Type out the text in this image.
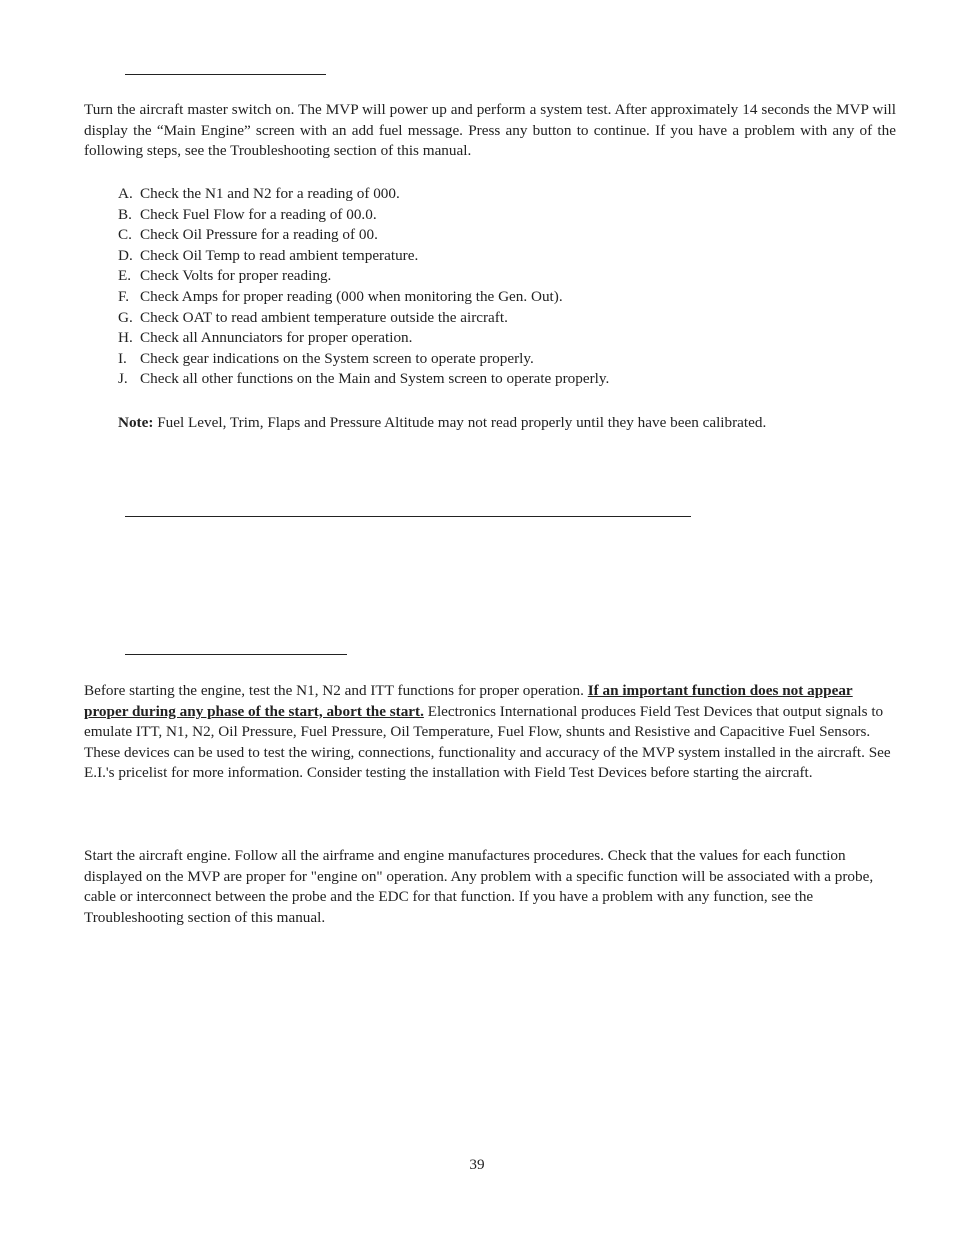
Turn the aircraft master switch on. The MVP will power up and perform a system test. After approximately 14 seconds the MVP will display the “Main Engine” screen with an add fuel message. Press any button to continue. If you have a problem with any of the following steps, see the Troubleshooting section of this manual.

A. Check the N1 and N2 for a reading of 000.
B. Check Fuel Flow for a reading of 00.0.
C. Check Oil Pressure for a reading of 00.
D. Check Oil Temp to read ambient temperature.
E. Check Volts for proper reading.
F. Check Amps for proper reading (000 when monitoring the Gen. Out).
G. Check OAT to read ambient temperature outside the aircraft.
H. Check all Annunciators for proper operation.
I. Check gear indications on the System screen to operate properly.
J. Check all other functions on the Main and System screen to operate properly.

Note: Fuel Level, Trim, Flaps and Pressure Altitude may not read properly until they have been calibrated.

Before starting the engine, test the N1, N2 and ITT functions for proper operation. If an important function does not appear proper during any phase of the start, abort the start. Electronics International produces Field Test Devices that output signals to emulate ITT, N1, N2, Oil Pressure, Fuel Pressure, Oil Temperature, Fuel Flow, shunts and Resistive and Capacitive Fuel Sensors. These devices can be used to test the wiring, connections, functionality and accuracy of the MVP system installed in the aircraft. See E.I.'s pricelist for more information. Consider testing the installation with Field Test Devices before starting the aircraft.

Start the aircraft engine. Follow all the airframe and engine manufactures procedures. Check that the values for each function displayed on the MVP are proper for "engine on" operation. Any problem with a specific function will be associated with a probe, cable or interconnect between the probe and the EDC for that function. If you have a problem with any function, see the Troubleshooting section of this manual.

39
